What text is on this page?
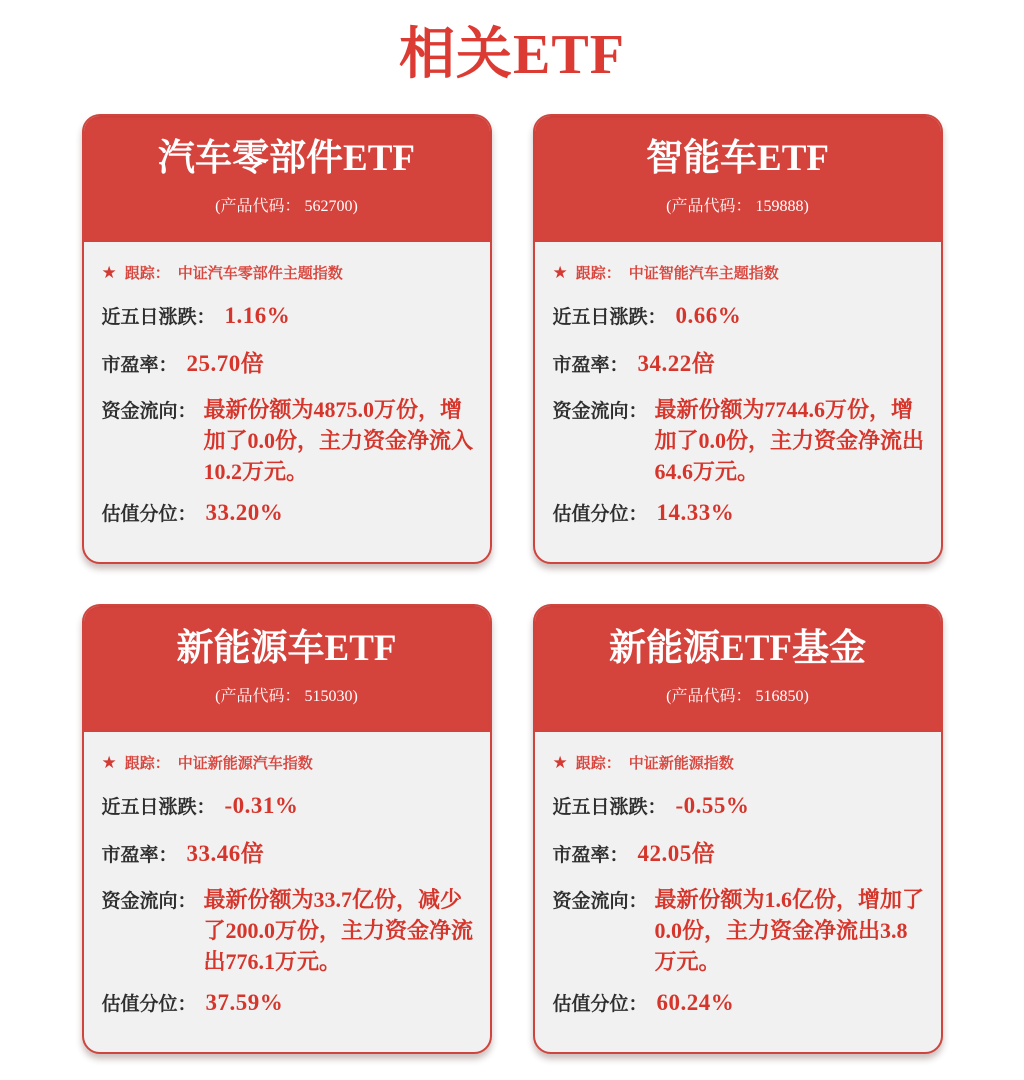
相关ETF
汽车零部件ETF
(产品代码： 562700)
★ 跟踪： 中证汽车零部件主题指数
近五日涨跌： 1.16%
市盈率： 25.70倍
资金流向： 最新份额为4875.0万份，增加了0.0份，主力资金净流入10.2万元。
估值分位： 33.20%
智能车ETF
(产品代码： 159888)
★ 跟踪： 中证智能汽车主题指数
近五日涨跌： 0.66%
市盈率： 34.22倍
资金流向： 最新份额为7744.6万份，增加了0.0份，主力资金净流出64.6万元。
估值分位： 14.33%
新能源车ETF
(产品代码： 515030)
★ 跟踪： 中证新能源汽车指数
近五日涨跌： -0.31%
市盈率： 33.46倍
资金流向： 最新份额为33.7亿份，减少了200.0万份，主力资金净流出776.1万元。
估值分位： 37.59%
新能源ETF基金
(产品代码： 516850)
★ 跟踪： 中证新能源指数
近五日涨跌： -0.55%
市盈率： 42.05倍
资金流向： 最新份额为1.6亿份，增加了0.0份，主力资金净流出3.8万元。
估值分位： 60.24%
